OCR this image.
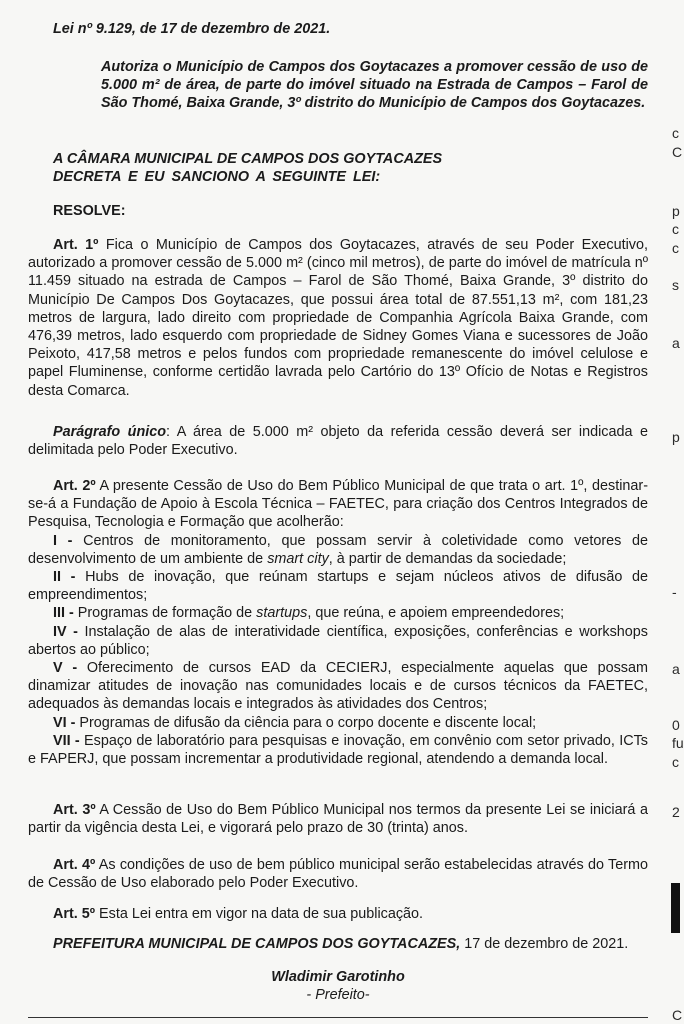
Lei nº 9.129, de 17 de dezembro de 2021.

Autoriza o Município de Campos dos Goytacazes a promover cessão de uso de 5.000 m² de área, de parte do imóvel situado na Estrada de Campos – Farol de São Thomé, Baixa Grande, 3º distrito do Município de Campos dos Goytacazes.

A CÂMARA MUNICIPAL DE CAMPOS DOS GOYTACAZES

DECRETA E EU SANCIONO A SEGUINTE LEI:

RESOLVE:

Art. 1º Fica o Município de Campos dos Goytacazes, através de seu Poder Executivo, autorizado a promover cessão de 5.000 m² (cinco mil metros), de parte do imóvel de matrícula nº 11.459 situado na estrada de Campos – Farol de São Thomé, Baixa Grande, 3º distrito do Município De Campos Dos Goytacazes, que possui área total de 87.551,13 m², com 181,23 metros de largura, lado direito com propriedade de Companhia Agrícola Baixa Grande, com 476,39 metros, lado esquerdo com propriedade de Sidney Gomes Viana e sucessores de João Peixoto, 417,58 metros e pelos fundos com propriedade remanescente do imóvel celulose e papel Fluminense, conforme certidão lavrada pelo Cartório do 13º Ofício de Notas e Registros desta Comarca.

Parágrafo único: A área de 5.000 m² objeto da referida cessão deverá ser indicada e delimitada pelo Poder Executivo.

Art. 2º A presente Cessão de Uso do Bem Público Municipal de que trata o art. 1º, destinar-se-á a Fundação de Apoio à Escola Técnica – FAETEC, para criação dos Centros Integrados de Pesquisa, Tecnologia e Formação que acolherão:

I - Centros de monitoramento, que possam servir à coletividade como vetores de desenvolvimento de um ambiente de smart city, à partir de demandas da sociedade;

II - Hubs de inovação, que reúnam startups e sejam núcleos ativos de difusão de empreendimentos;

III - Programas de formação de startups, que reúna, e apoiem empreendedores;

IV - Instalação de alas de interatividade científica, exposições, conferências e workshops abertos ao público;

V - Oferecimento de cursos EAD da CECIERJ, especialmente aquelas que possam dinamizar atitudes de inovação nas comunidades locais e de cursos técnicos da FAETEC, adequados às demandas locais e integrados às atividades dos Centros;

VI - Programas de difusão da ciência para o corpo docente e discente local;

VII - Espaço de laboratório para pesquisas e inovação, em convênio com setor privado, ICTs e FAPERJ, que possam incrementar a produtividade regional, atendendo a demanda local.

Art. 3º A Cessão de Uso do Bem Público Municipal nos termos da presente Lei se iniciará a partir da vigência desta Lei, e vigorará pelo prazo de 30 (trinta) anos.

Art. 4º As condições de uso de bem público municipal serão estabelecidas através do Termo de Cessão de Uso elaborado pelo Poder Executivo.

Art. 5º Esta Lei entra em vigor na data de sua publicação.

PREFEITURA MUNICIPAL DE CAMPOS DOS GOYTACAZES, 17 de dezembro de 2021.

Wladimir Garotinho

- Prefeito-

c
C
p
c
c
s
a
p
-
a
0
fu
c
2
C
